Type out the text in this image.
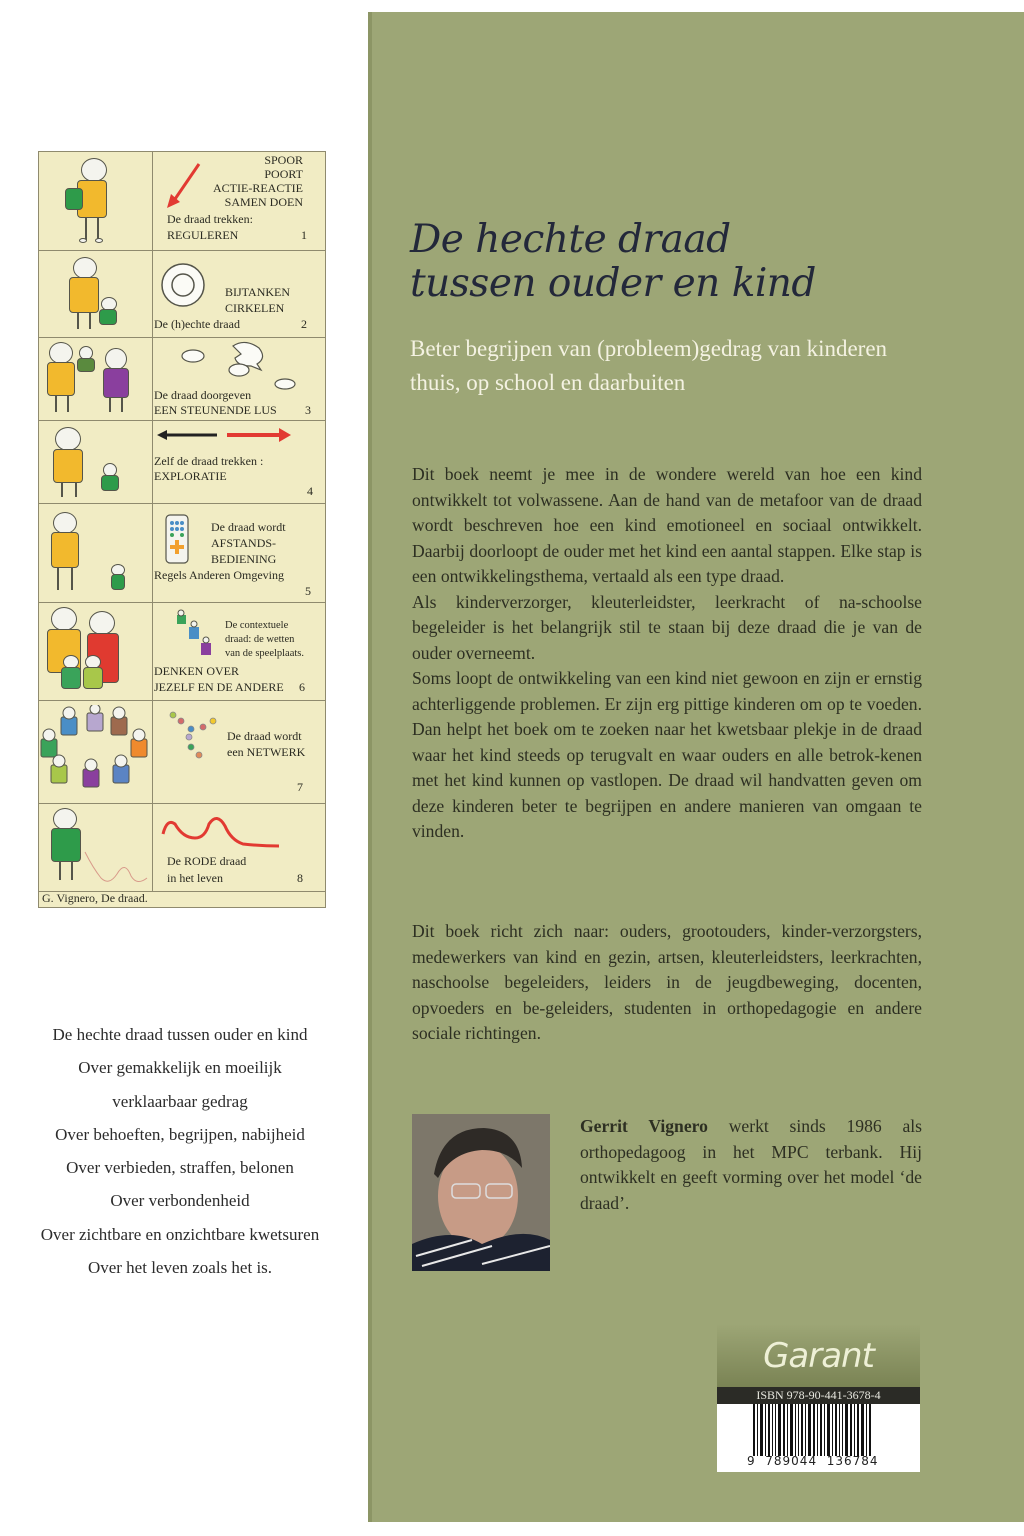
SPOOR
POORT
ACTIE-REACTIE
SAMEN DOEN
De draad trekken:
REGULEREN	1
BIJTANKEN
CIRKELEN
De (h)echte draad	2
De draad doorgeven
EEN STEUNENDE LUS 3
Zelf de draad trekken :
EXPLORATIE
4
De draad wordt
AFSTANDS-
BEDIENING
Regels Anderen Omgeving
5
De contextuele
draad: de wetten
van de speelplaats.
DENKEN OVER
JEZELF EN DE ANDERE 6
De draad wordt
een NETWERK
7
De RODE draad
in het leven	8
G. Vignero, De draad.
De hechte draad tussen ouder en kind
Over gemakkelijk en moeilijk
verklaarbaar gedrag
Over behoeften, begrijpen, nabijheid
Over verbieden, straffen, belonen
Over verbondenheid
Over zichtbare en onzichtbare kwetsuren
Over het leven zoals het is.
De hechte draad
tussen ouder en kind
Beter begrijpen van (probleem)gedrag van kinderen thuis, op school en daarbuiten
Dit boek neemt je mee in de wondere wereld van hoe een kind ontwikkelt tot volwassene. Aan de hand van de metafoor van de draad wordt beschreven hoe een kind emotioneel en sociaal ontwikkelt. Daarbij doorloopt de ouder met het kind een aantal stappen. Elke stap is een ontwikkelingsthema, vertaald als een type draad.
Als kinderverzorger, kleuterleidster, leerkracht of na-schoolse begeleider is het belangrijk stil te staan bij deze draad die je van de ouder overneemt.
Soms loopt de ontwikkeling van een kind niet gewoon en zijn er ernstig achterliggende problemen. Er zijn erg pittige kinderen om op te voeden. Dan helpt het boek om te zoeken naar het kwetsbaar plekje in de draad waar het kind steeds op terugvalt en waar ouders en alle betrok-kenen met het kind kunnen op vastlopen. De draad wil handvatten geven om deze kinderen beter te begrijpen en andere manieren van omgaan te vinden.
Dit boek richt zich naar: ouders, grootouders, kinder-verzorgsters, medewerkers van kind en gezin, artsen, kleuterleidsters, leerkrachten, naschoolse begeleiders, leiders in de jeugdbeweging, docenten, opvoeders en be-geleiders, studenten in orthopedagogie en andere sociale richtingen.
Gerrit Vignero werkt sinds 1986 als orthopedagoog in het MPC terbank. Hij ontwikkelt en geeft vorming over het model ‘de draad’.
Garant
ISBN 978-90-441-3678-4
9  789044  136784
